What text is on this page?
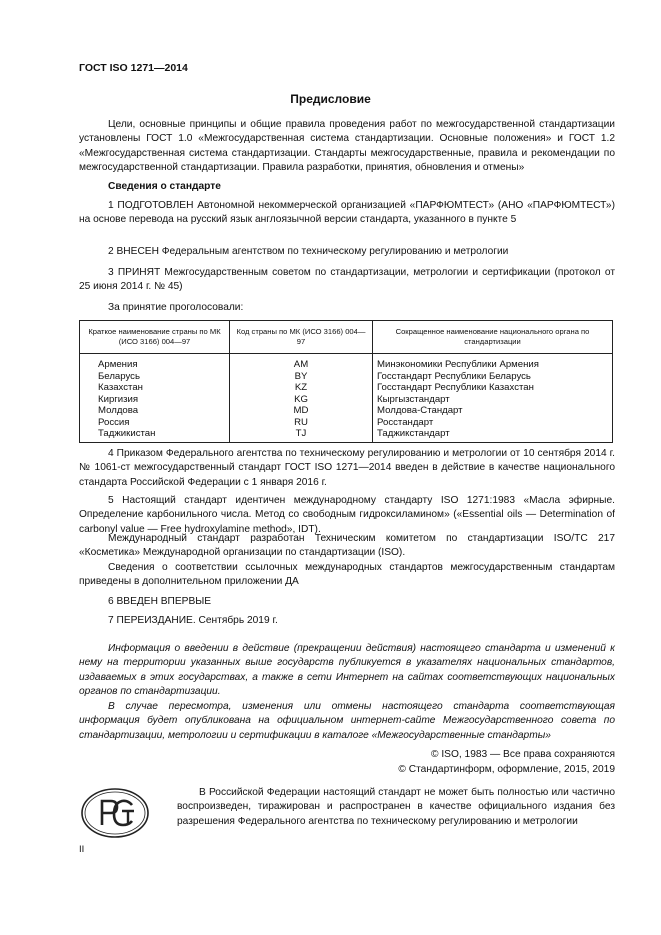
ГОСТ ISO 1271—2014
Предисловие

Цели, основные принципы и общие правила проведения работ по межгосударственной стандартизации установлены ГОСТ 1.0 «Межгосударственная система стандартизации. Основные положения» и ГОСТ 1.2 «Межгосударственная система стандартизации. Стандарты межгосударственные, правила и рекомендации по межгосударственной стандартизации. Правила разработки, принятия, обновления и отмены»

Сведения о стандарте

1 ПОДГОТОВЛЕН Автономной некоммерческой организацией «ПАРФЮМТЕСТ» (АНО «ПАРФЮМТЕСТ») на основе перевода на русский язык англоязычной версии стандарта, указанного в пункте 5

2 ВНЕСЕН Федеральным агентством по техническому регулированию и метрологии

3 ПРИНЯТ Межгосударственным советом по стандартизации, метрологии и сертификации (протокол от 25 июня 2014 г. № 45)

За принятие проголосовали:

Краткое наименование страны по МК (ИСО 3166) 004—97	Код страны по МК (ИСО 3166) 004—97	Сокращенное наименование национального органа по стандартизации
Армения	AM	Минэкономики Республики Армения
Беларусь	BY	Госстандарт Республики Беларусь
Казахстан	KZ	Госстандарт Республики Казахстан
Киргизия	KG	Кыргызстандарт
Молдова	MD	Молдова-Стандарт
Россия	RU	Росстандарт
Таджикистан	TJ	Таджикстандарт

4 Приказом Федерального агентства по техническому регулированию и метрологии от 10 сентября 2014 г. № 1061-ст межгосударственный стандарт ГОСТ ISO 1271—2014 введен в действие в качестве национального стандарта Российской Федерации с 1 января 2016 г.

5 Настоящий стандарт идентичен международному стандарту ISO 1271:1983 «Масла эфирные. Определение карбонильного числа. Метод со свободным гидроксиламином» («Essential oils — Determination of carbonyl value — Free hydroxylamine method», IDT).

Международный стандарт разработан Техническим комитетом по стандартизации ISO/TC 217 «Косметика» Международной организации по стандартизации (ISO).

Сведения о соответствии ссылочных международных стандартов межгосударственным стандартам приведены в дополнительном приложении ДА

6 ВВЕДЕН ВПЕРВЫЕ

7 ПЕРЕИЗДАНИЕ. Сентябрь 2019 г.

Информация о введении в действие (прекращении действия) настоящего стандарта и изменений к нему на территории указанных выше государств публикуется в указателях национальных стандартов, издаваемых в этих государствах, а также в сети Интернет на сайтах соответствующих национальных органов по стандартизации.

В случае пересмотра, изменения или отмены настоящего стандарта соответствующая информация будет опубликована на официальном интернет-сайте Межгосударственного совета по стандартизации, метрологии и сертификации в каталоге «Межгосударственные стандарты»

© ISO, 1983 — Все права сохраняются

© Стандартинформ, оформление, 2015, 2019

В Российской Федерации настоящий стандарт не может быть полностью или частично воспроизведен, тиражирован и распространен в качестве официального издания без разрешения Федерального агентства по техническому регулированию и метрологии

II
